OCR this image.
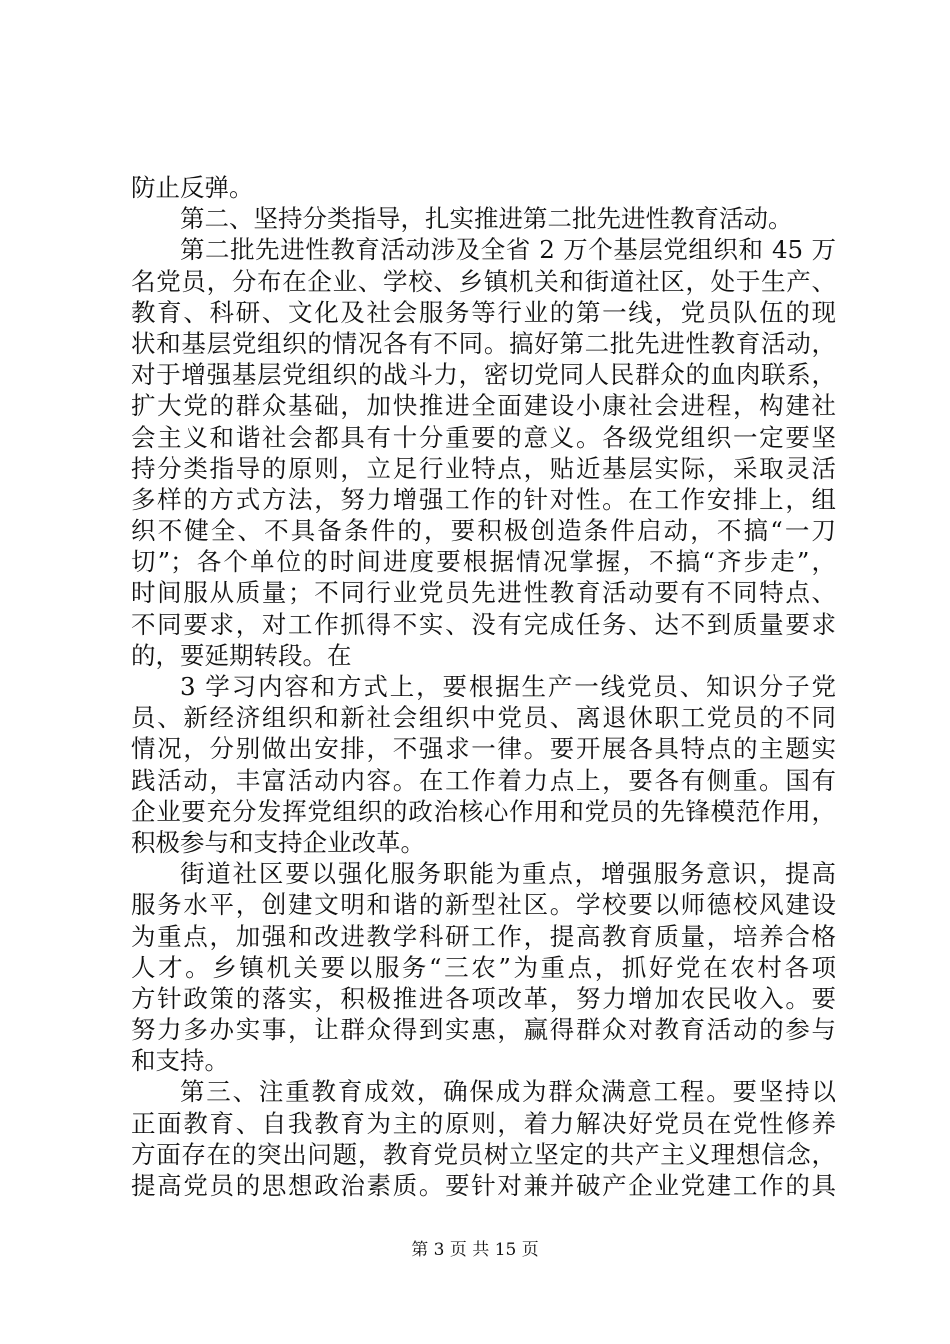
防止反弹。
第二、坚持分类指导，扎实推进第二批先进性教育活动。
第二批先进性教育活动涉及全省 2 万个基层党组织和 45 万
名党员，分布在企业、学校、乡镇机关和街道社区，处于生产、
教育、科研、文化及社会服务等行业的第一线，党员队伍的现
状和基层党组织的情况各有不同。搞好第二批先进性教育活动，
对于增强基层党组织的战斗力，密切党同人民群众的血肉联系，
扩大党的群众基础，加快推进全面建设小康社会进程，构建社
会主义和谐社会都具有十分重要的意义。各级党组织一定要坚
持分类指导的原则，立足行业特点，贴近基层实际，采取灵活
多样的方式方法，努力增强工作的针对性。在工作安排上，组
织不健全、不具备条件的，要积极创造条件启动，不搞“一刀
切”；各个单位的时间进度要根据情况掌握，不搞“齐步走”，
时间服从质量；不同行业党员先进性教育活动要有不同特点、
不同要求，对工作抓得不实、没有完成任务、达不到质量要求
的，要延期转段。在
3 学习内容和方式上，要根据生产一线党员、知识分子党
员、新经济组织和新社会组织中党员、离退休职工党员的不同
情况，分别做出安排，不强求一律。要开展各具特点的主题实
践活动，丰富活动内容。在工作着力点上，要各有侧重。国有
企业要充分发挥党组织的政治核心作用和党员的先锋模范作用，
积极参与和支持企业改革。
街道社区要以强化服务职能为重点，增强服务意识，提高
服务水平，创建文明和谐的新型社区。学校要以师德校风建设
为重点，加强和改进教学科研工作，提高教育质量，培养合格
人才。乡镇机关要以服务“三农”为重点，抓好党在农村各项
方针政策的落实，积极推进各项改革，努力增加农民收入。要
努力多办实事，让群众得到实惠，赢得群众对教育活动的参与
和支持。
第三、注重教育成效，确保成为群众满意工程。要坚持以
正面教育、自我教育为主的原则，着力解决好党员在党性修养
方面存在的突出问题，教育党员树立坚定的共产主义理想信念，
提高党员的思想政治素质。要针对兼并破产企业党建工作的具
第 3 页 共 15 页
